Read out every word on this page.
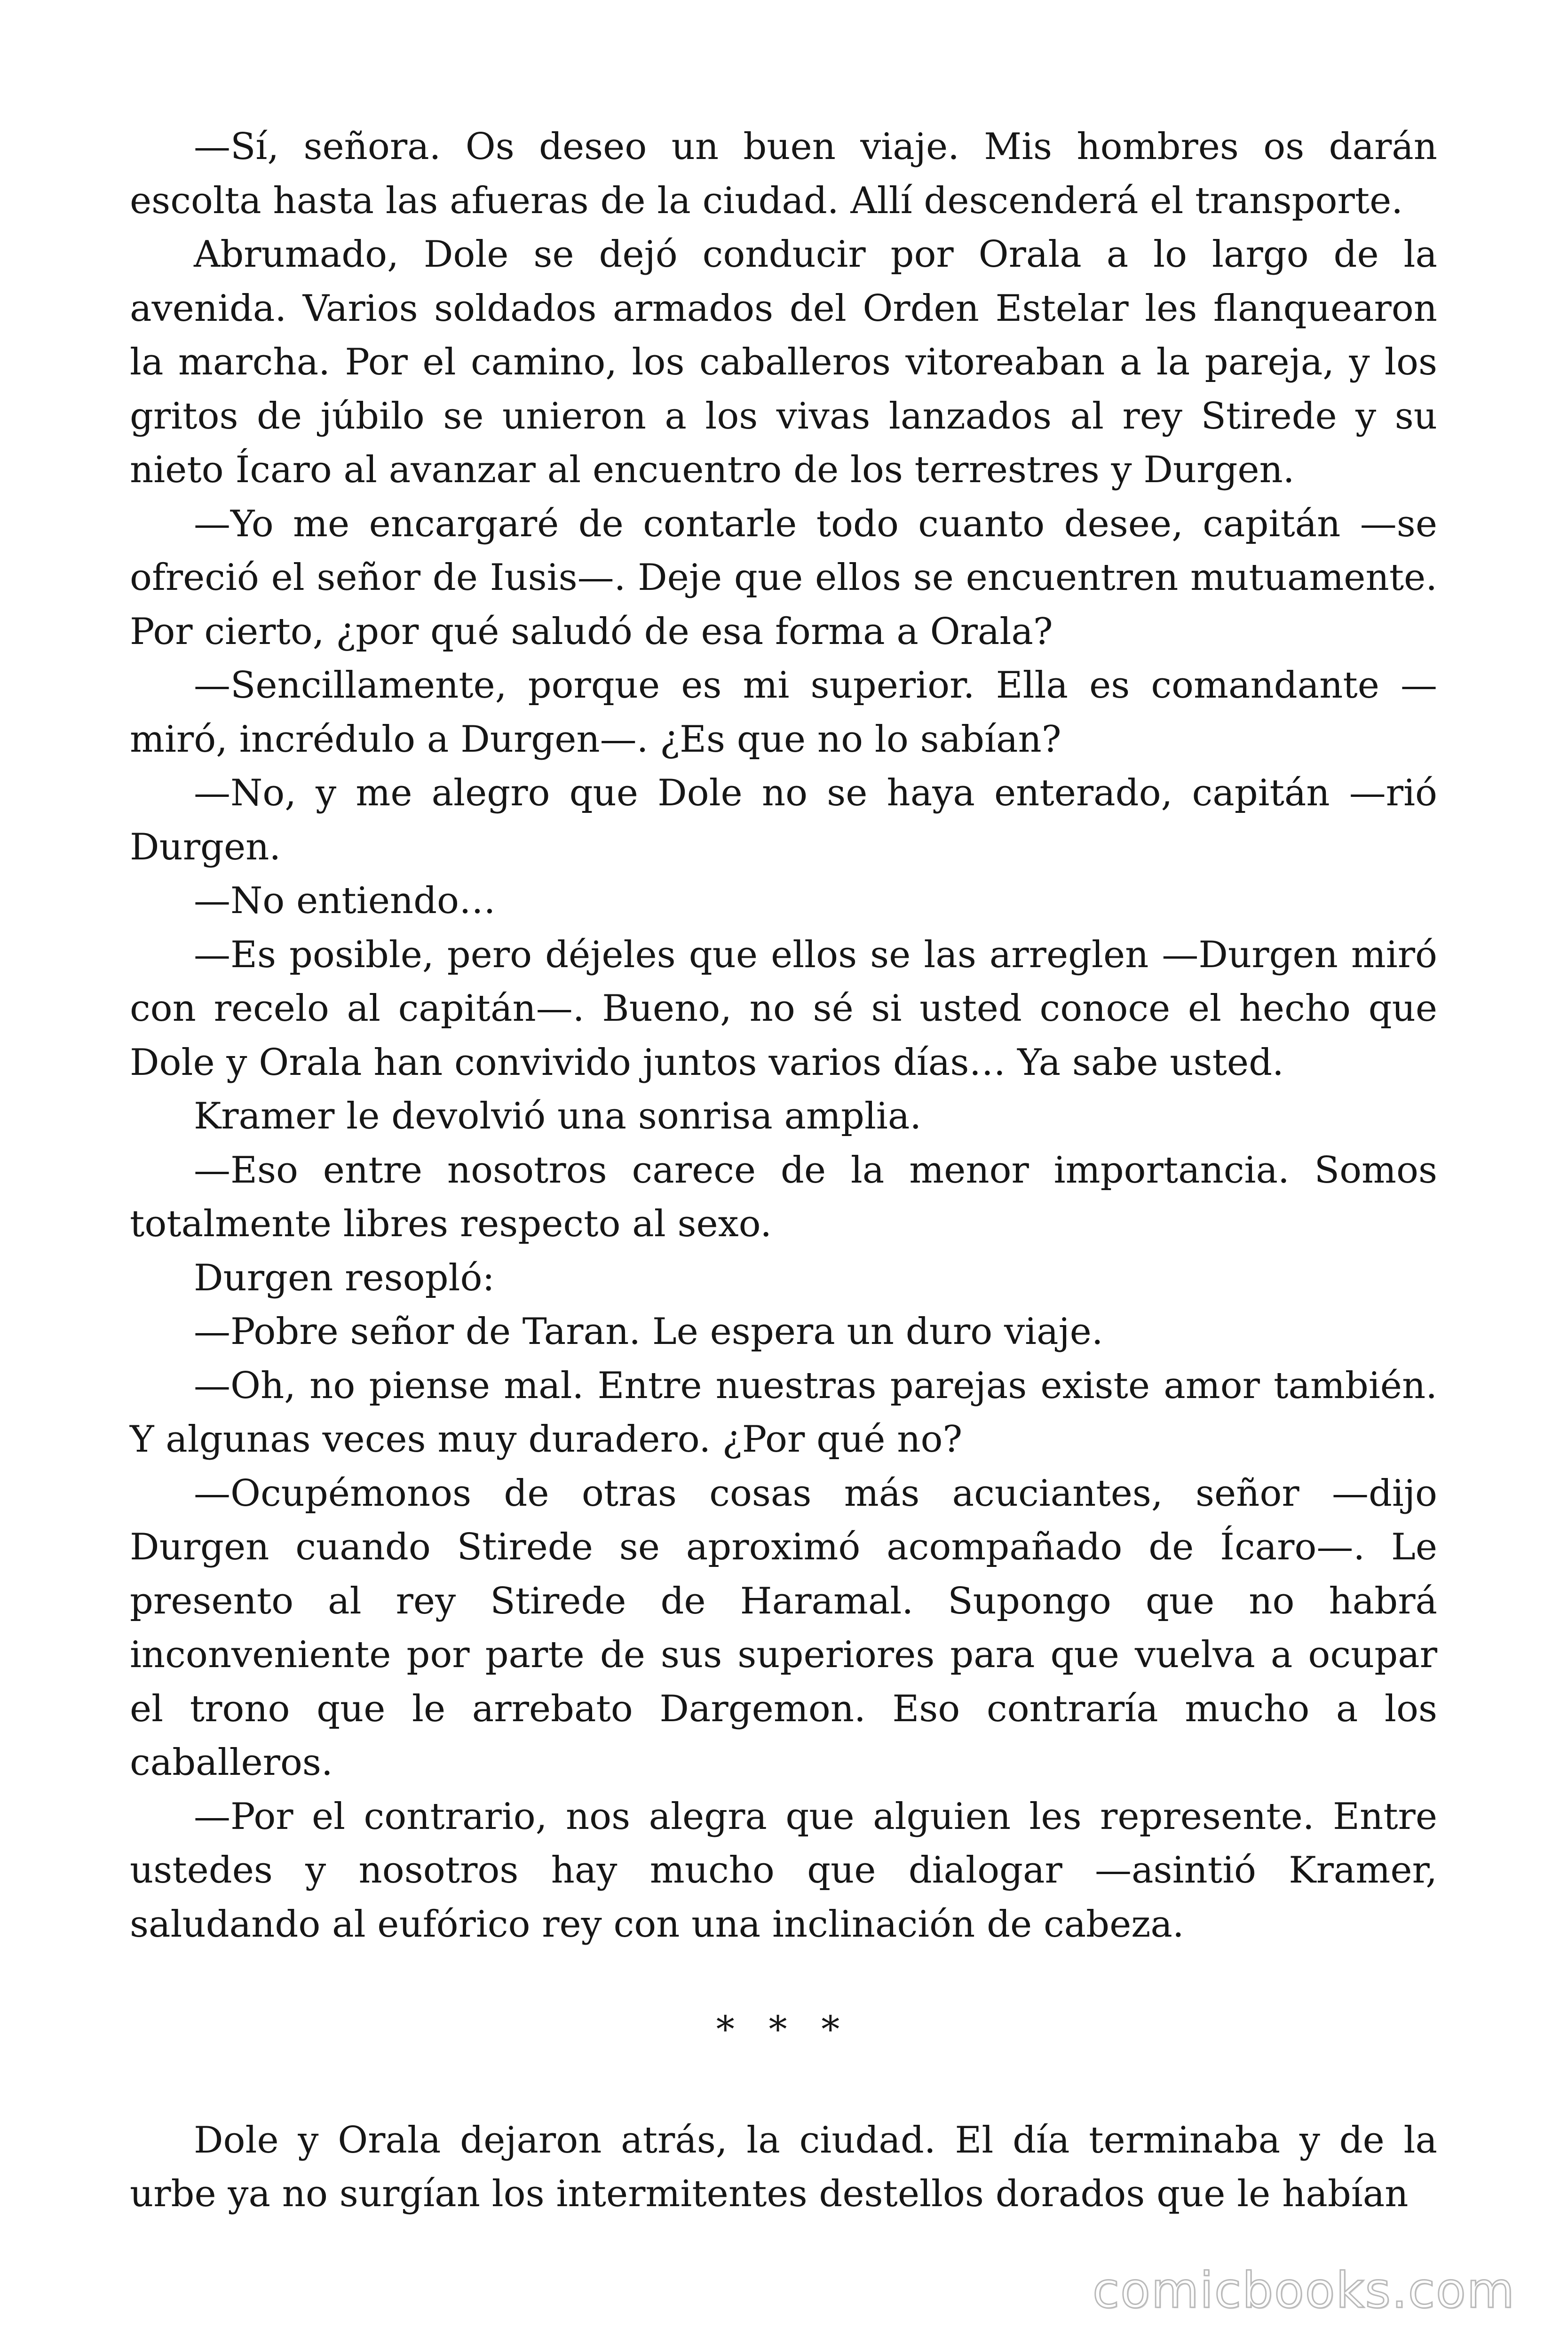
—Sí, señora. Os deseo un buen viaje. Mis hombres os darán escolta hasta las afueras de la ciudad. Allí descenderá el transporte.

Abrumado, Dole se dejó conducir por Orala a lo largo de la avenida. Varios soldados armados del Orden Estelar les flanquearon la marcha. Por el camino, los caballeros vitoreaban a la pareja, y los gritos de júbilo se unieron a los vivas lanzados al rey Stirede y su nieto Ícaro al avanzar al encuentro de los terrestres y Durgen.

—Yo me encargaré de contarle todo cuanto desee, capitán —se ofreció el señor de Iusis—. Deje que ellos se encuentren mutuamente. Por cierto, ¿por qué saludó de esa forma a Orala?

—Sencillamente, porque es mi superior. Ella es comandante —miró, incrédulo a Durgen—. ¿Es que no lo sabían?

—No, y me alegro que Dole no se haya enterado, capitán —rió Durgen.

—No entiendo…

—Es posible, pero déjeles que ellos se las arreglen —Durgen miró con recelo al capitán—. Bueno, no sé si usted conoce el hecho que Dole y Orala han convivido juntos varios días… Ya sabe usted.

Kramer le devolvió una sonrisa amplia.

—Eso entre nosotros carece de la menor importancia. Somos totalmente libres respecto al sexo.

Durgen resopló:

—Pobre señor de Taran. Le espera un duro viaje.

—Oh, no piense mal. Entre nuestras parejas existe amor también. Y algunas veces muy duradero. ¿Por qué no?

—Ocupémonos de otras cosas más acuciantes, señor —dijo Durgen cuando Stirede se aproximó acompañado de Ícaro—. Le presento al rey Stirede de Haramal. Supongo que no habrá inconveniente por parte de sus superiores para que vuelva a ocupar el trono que le arrebato Dargemon. Eso contraría mucho a los caballeros.

—Por el contrario, nos alegra que alguien les represente. Entre ustedes y nosotros hay mucho que dialogar —asintió Kramer, saludando al eufórico rey con una inclinación de cabeza.

* * *

Dole y Orala dejaron atrás, la ciudad. El día terminaba y de la urbe ya no surgían los intermitentes destellos dorados que le habían

comicbooks.com
